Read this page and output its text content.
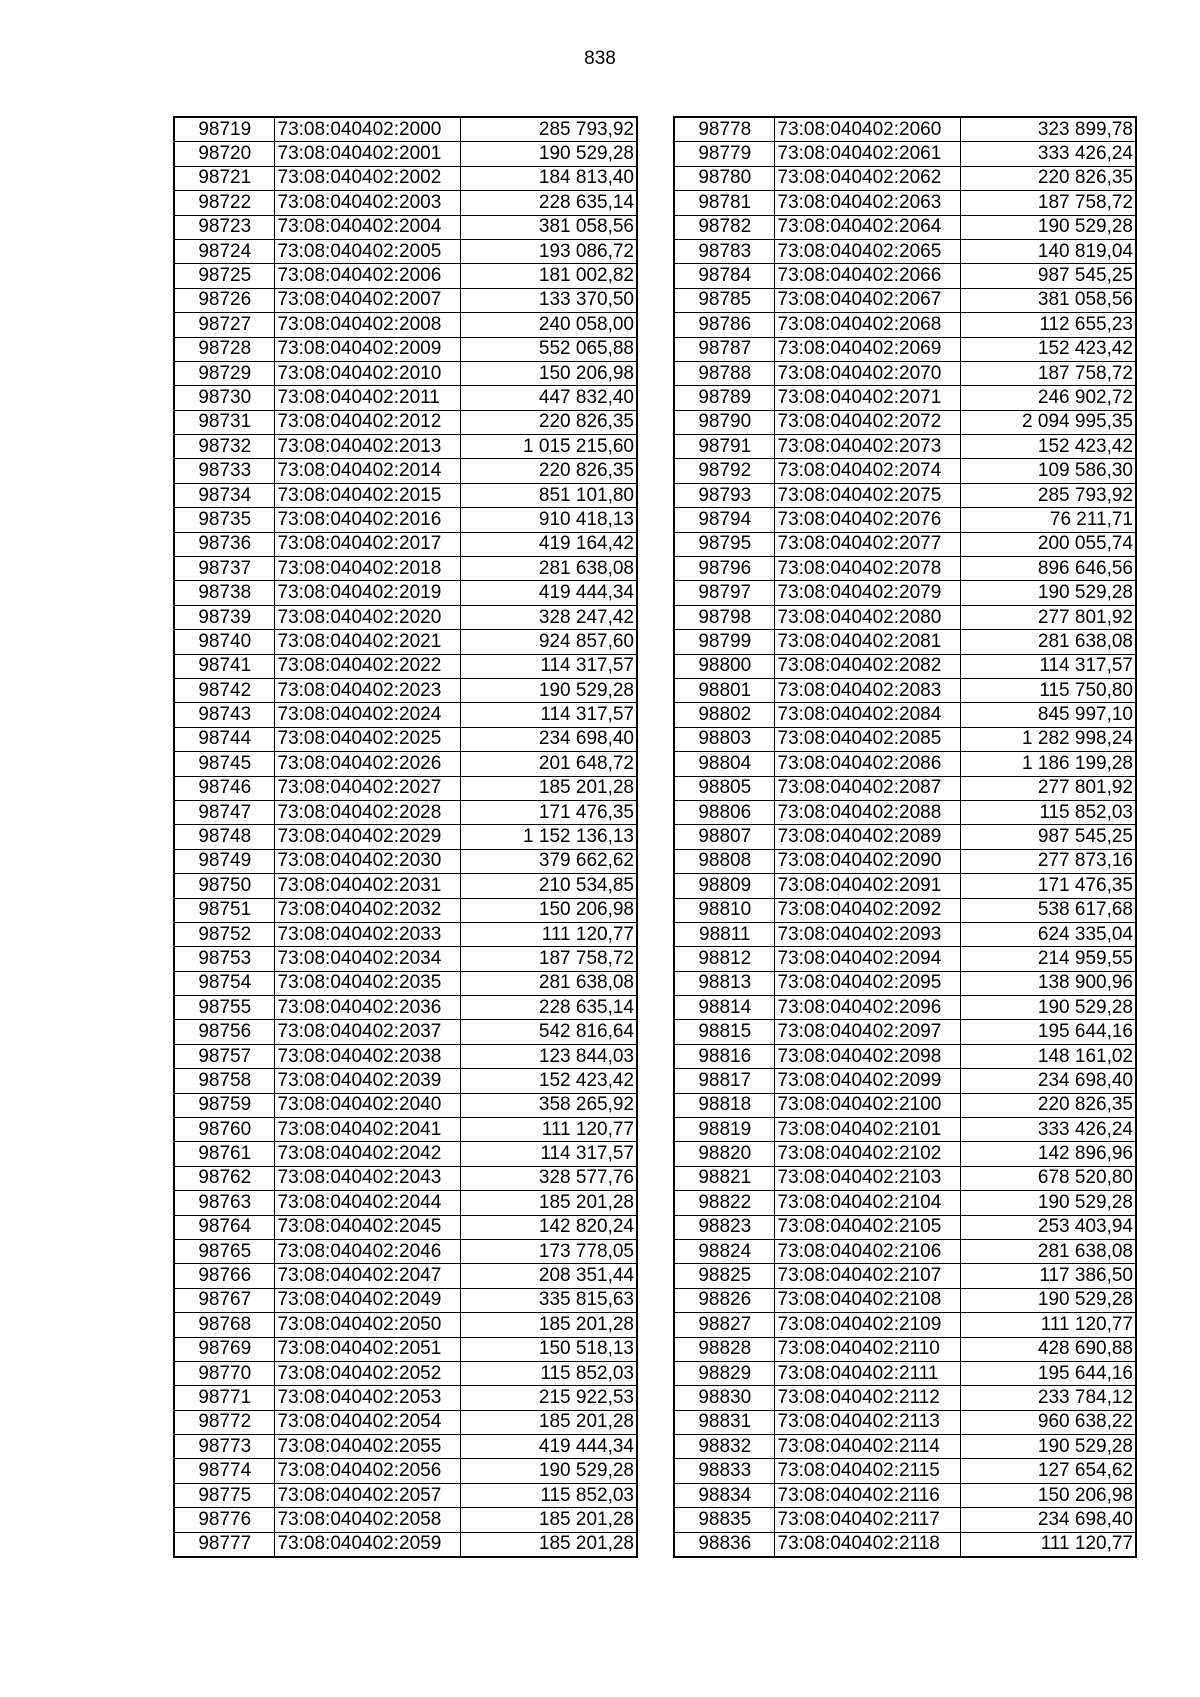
838
98719	73:08:040402:2000	285 793,92
98720	73:08:040402:2001	190 529,28
98721	73:08:040402:2002	184 813,40
98722	73:08:040402:2003	228 635,14
98723	73:08:040402:2004	381 058,56
98724	73:08:040402:2005	193 086,72
98725	73:08:040402:2006	181 002,82
98726	73:08:040402:2007	133 370,50
98727	73:08:040402:2008	240 058,00
98728	73:08:040402:2009	552 065,88
98729	73:08:040402:2010	150 206,98
98730	73:08:040402:2011	447 832,40
98731	73:08:040402:2012	220 826,35
98732	73:08:040402:2013	1 015 215,60
98733	73:08:040402:2014	220 826,35
98734	73:08:040402:2015	851 101,80
98735	73:08:040402:2016	910 418,13
98736	73:08:040402:2017	419 164,42
98737	73:08:040402:2018	281 638,08
98738	73:08:040402:2019	419 444,34
98739	73:08:040402:2020	328 247,42
98740	73:08:040402:2021	924 857,60
98741	73:08:040402:2022	114 317,57
98742	73:08:040402:2023	190 529,28
98743	73:08:040402:2024	114 317,57
98744	73:08:040402:2025	234 698,40
98745	73:08:040402:2026	201 648,72
98746	73:08:040402:2027	185 201,28
98747	73:08:040402:2028	171 476,35
98748	73:08:040402:2029	1 152 136,13
98749	73:08:040402:2030	379 662,62
98750	73:08:040402:2031	210 534,85
98751	73:08:040402:2032	150 206,98
98752	73:08:040402:2033	111 120,77
98753	73:08:040402:2034	187 758,72
98754	73:08:040402:2035	281 638,08
98755	73:08:040402:2036	228 635,14
98756	73:08:040402:2037	542 816,64
98757	73:08:040402:2038	123 844,03
98758	73:08:040402:2039	152 423,42
98759	73:08:040402:2040	358 265,92
98760	73:08:040402:2041	111 120,77
98761	73:08:040402:2042	114 317,57
98762	73:08:040402:2043	328 577,76
98763	73:08:040402:2044	185 201,28
98764	73:08:040402:2045	142 820,24
98765	73:08:040402:2046	173 778,05
98766	73:08:040402:2047	208 351,44
98767	73:08:040402:2049	335 815,63
98768	73:08:040402:2050	185 201,28
98769	73:08:040402:2051	150 518,13
98770	73:08:040402:2052	115 852,03
98771	73:08:040402:2053	215 922,53
98772	73:08:040402:2054	185 201,28
98773	73:08:040402:2055	419 444,34
98774	73:08:040402:2056	190 529,28
98775	73:08:040402:2057	115 852,03
98776	73:08:040402:2058	185 201,28
98777	73:08:040402:2059	185 201,28
98778	73:08:040402:2060	323 899,78
98779	73:08:040402:2061	333 426,24
98780	73:08:040402:2062	220 826,35
98781	73:08:040402:2063	187 758,72
98782	73:08:040402:2064	190 529,28
98783	73:08:040402:2065	140 819,04
98784	73:08:040402:2066	987 545,25
98785	73:08:040402:2067	381 058,56
98786	73:08:040402:2068	112 655,23
98787	73:08:040402:2069	152 423,42
98788	73:08:040402:2070	187 758,72
98789	73:08:040402:2071	246 902,72
98790	73:08:040402:2072	2 094 995,35
98791	73:08:040402:2073	152 423,42
98792	73:08:040402:2074	109 586,30
98793	73:08:040402:2075	285 793,92
98794	73:08:040402:2076	76 211,71
98795	73:08:040402:2077	200 055,74
98796	73:08:040402:2078	896 646,56
98797	73:08:040402:2079	190 529,28
98798	73:08:040402:2080	277 801,92
98799	73:08:040402:2081	281 638,08
98800	73:08:040402:2082	114 317,57
98801	73:08:040402:2083	115 750,80
98802	73:08:040402:2084	845 997,10
98803	73:08:040402:2085	1 282 998,24
98804	73:08:040402:2086	1 186 199,28
98805	73:08:040402:2087	277 801,92
98806	73:08:040402:2088	115 852,03
98807	73:08:040402:2089	987 545,25
98808	73:08:040402:2090	277 873,16
98809	73:08:040402:2091	171 476,35
98810	73:08:040402:2092	538 617,68
98811	73:08:040402:2093	624 335,04
98812	73:08:040402:2094	214 959,55
98813	73:08:040402:2095	138 900,96
98814	73:08:040402:2096	190 529,28
98815	73:08:040402:2097	195 644,16
98816	73:08:040402:2098	148 161,02
98817	73:08:040402:2099	234 698,40
98818	73:08:040402:2100	220 826,35
98819	73:08:040402:2101	333 426,24
98820	73:08:040402:2102	142 896,96
98821	73:08:040402:2103	678 520,80
98822	73:08:040402:2104	190 529,28
98823	73:08:040402:2105	253 403,94
98824	73:08:040402:2106	281 638,08
98825	73:08:040402:2107	117 386,50
98826	73:08:040402:2108	190 529,28
98827	73:08:040402:2109	111 120,77
98828	73:08:040402:2110	428 690,88
98829	73:08:040402:2111	195 644,16
98830	73:08:040402:2112	233 784,12
98831	73:08:040402:2113	960 638,22
98832	73:08:040402:2114	190 529,28
98833	73:08:040402:2115	127 654,62
98834	73:08:040402:2116	150 206,98
98835	73:08:040402:2117	234 698,40
98836	73:08:040402:2118	111 120,77
